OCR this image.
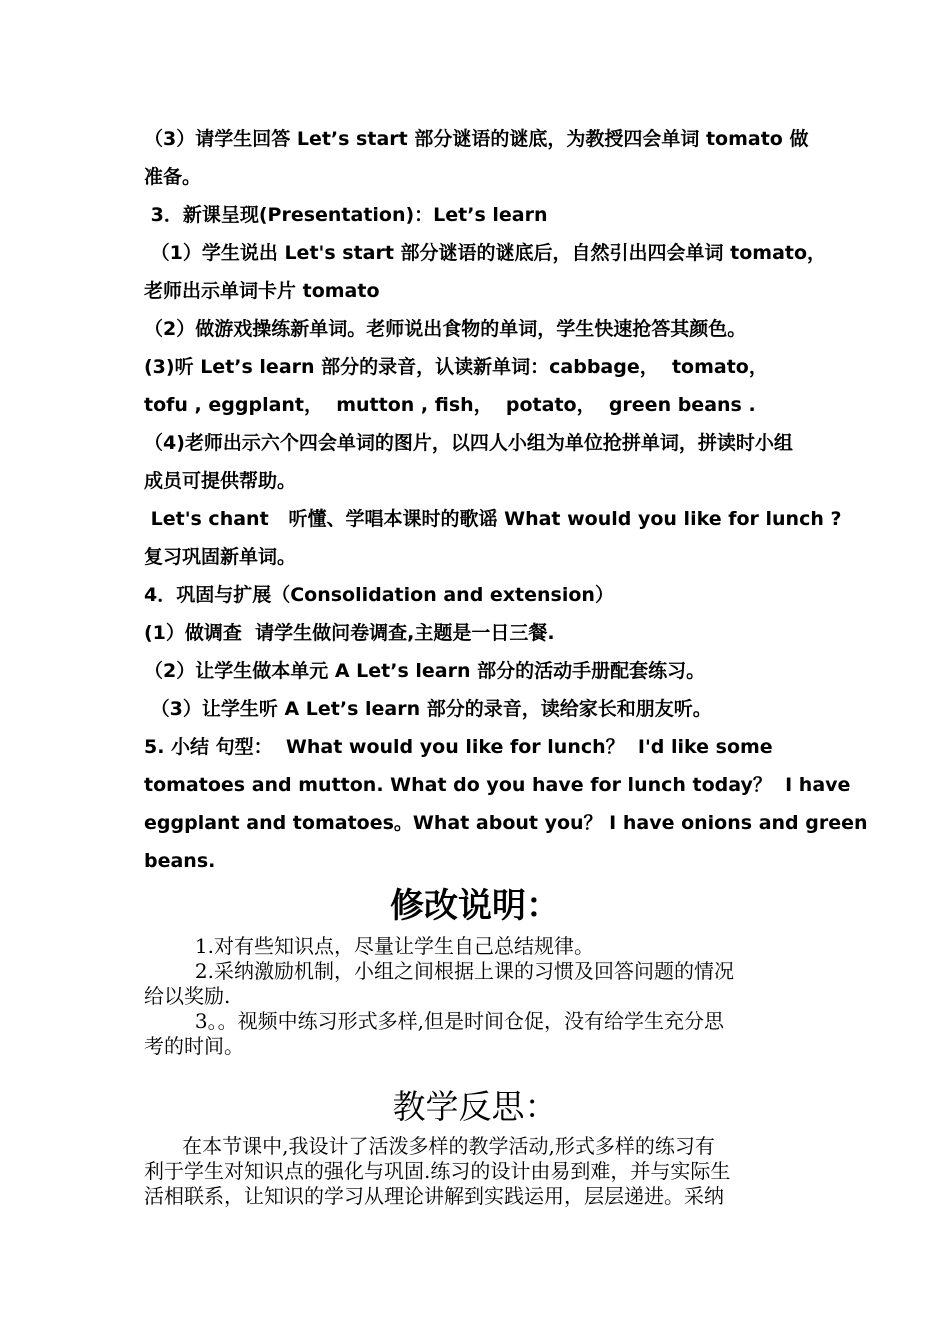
（3）请学生回答 Let’s start 部分谜语的谜底，为教授四会单词 tomato 做
准备。
3．新课呈现(Presentation)：Let’s learn
（1）学生说出 Let's start 部分谜语的谜底后，自然引出四会单词 tomato，
老师出示单词卡片 tomato
（2）做游戏操练新单词。老师说出食物的单词，学生快速抢答其颜色。
(3)听 Let’s learn 部分的录音，认读新单词：cabbage，  tomato，
tofu , eggplant，  mutton , fish，  potato，  green beans .
（4)老师出示六个四会单词的图片，以四人小组为单位抢拼单词，拼读时小组
成员可提供帮助。
Let's chant   听懂、学唱本课时的歌谣 What would you like for lunch ?
复习巩固新单词。
4．巩固与扩展（Consolidation and extension）
(1）做调查  请学生做问卷调查,主题是一日三餐.
（2）让学生做本单元 A Let’s learn 部分的活动手册配套练习。
（3）让学生听 A Let’s learn 部分的录音，读给家长和朋友听。
5. 小结 句型：  What would you like for lunch？  I'd like some
tomatoes and mutton. What do you have for lunch today？  I have
eggplant and tomatoes。What about you？ I have onions and green
beans.
修改说明：
1.对有些知识点，尽量让学生自己总结规律。
2.采纳激励机制，小组之间根据上课的习惯及回答问题的情况
给以奖励.
3。。视频中练习形式多样,但是时间仓促，没有给学生充分思
考的时间。
教学反思：
在本节课中,我设计了活泼多样的教学活动,形式多样的练习有
利于学生对知识点的强化与巩固.练习的设计由易到难，并与实际生
活相联系，让知识的学习从理论讲解到实践运用，层层递进。采纳
